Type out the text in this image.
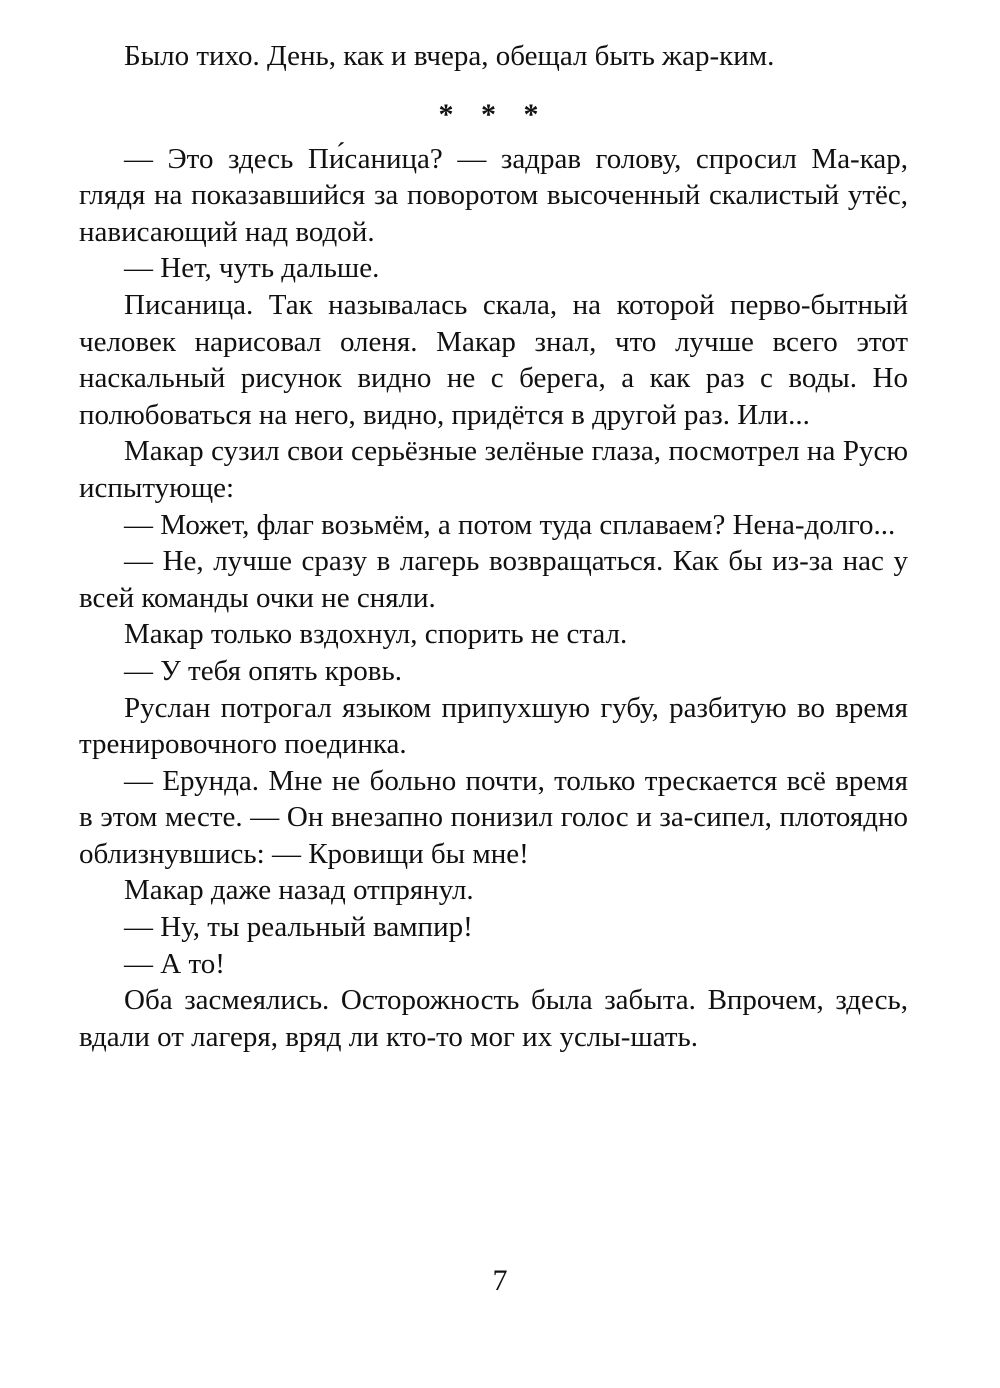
Было тихо. День, как и вчера, обещал быть жар-ким.

* * *

— Это здесь Пи́саница? — задрав голову, спросил Ма-кар, глядя на показавшийся за поворотом высоченный скалистый утёс, нависающий над водой.

— Нет, чуть дальше.

Писаница. Так называлась скала, на которой перво-бытный человек нарисовал оленя. Макар знал, что лучше всего этот наскальный рисунок видно не с берега, а как раз с воды. Но полюбоваться на него, видно, придётся в другой раз. Или...

Макар сузил свои серьёзные зелёные глаза, посмотрел на Русю испытующе:

— Может, флаг возьмём, а потом туда сплаваем? Нена-долго...

— Не, лучше сразу в лагерь возвращаться. Как бы из-за нас у всей команды очки не сняли.

Макар только вздохнул, спорить не стал.

— У тебя опять кровь.

Руслан потрогал языком припухшую губу, разбитую во время тренировочного поединка.

— Ерунда. Мне не больно почти, только трескается всё время в этом месте. — Он внезапно понизил голос и за-сипел, плотоядно облизнувшись: — Кровищи бы мне!

Макар даже назад отпрянул.

— Ну, ты реальный вампир!

— А то!

Оба засмеялись. Осторожность была забыта. Впрочем, здесь, вдали от лагеря, вряд ли кто-то мог их услы-шать.

7
